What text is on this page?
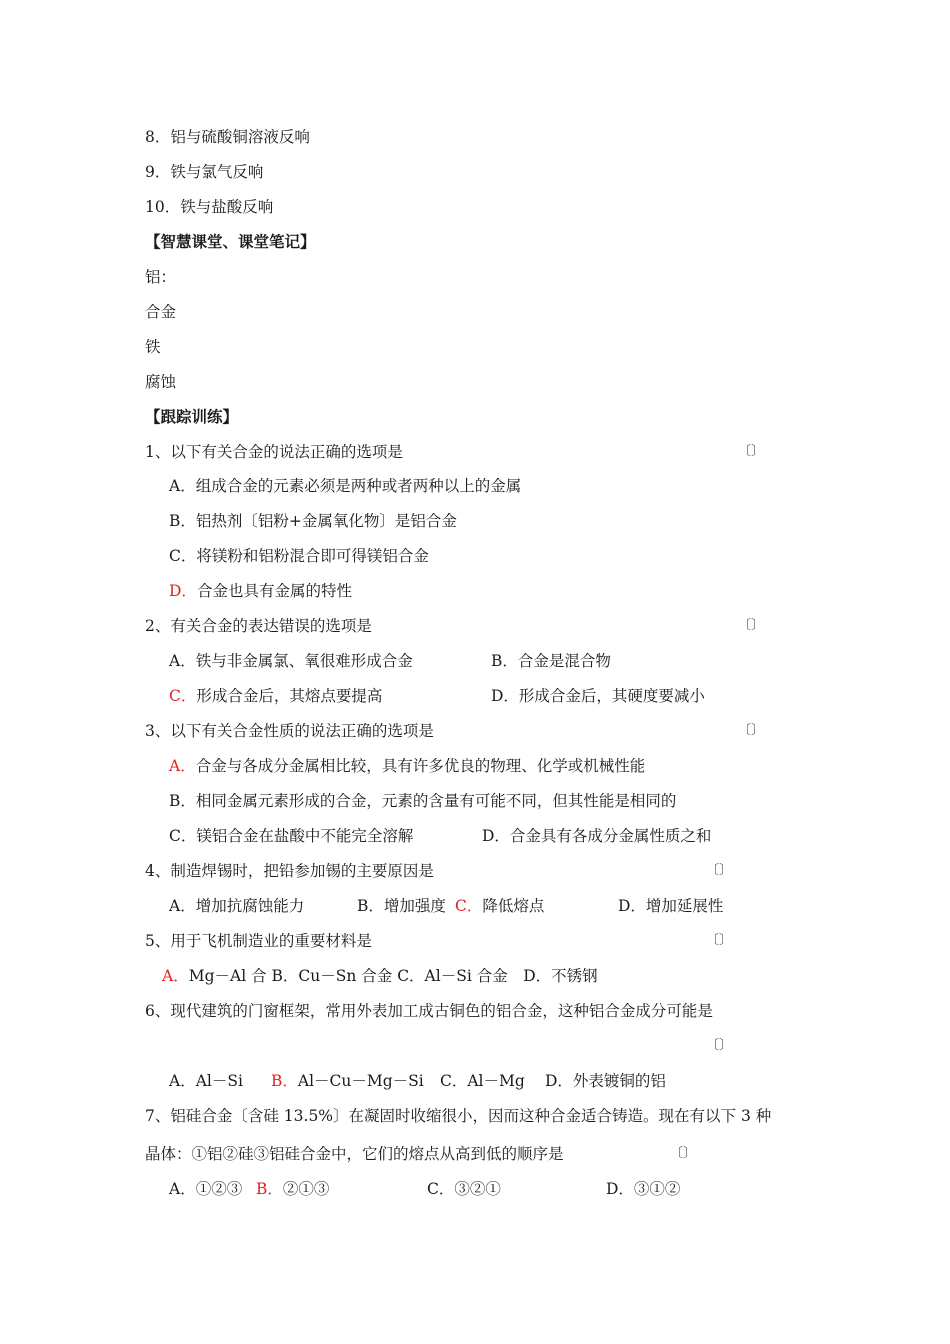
8．铝与硫酸铜溶液反响
9．铁与氯气反响
10．铁与盐酸反响
【智慧课堂、课堂笔记】
铝：
合金
铁
腐蚀
【跟踪训练】
1、以下有关合金的说法正确的选项是	〔〕
A．组成合金的元素必须是两种或者两种以上的金属
B．铝热剂〔铝粉+金属氧化物〕是铝合金
C．将镁粉和铝粉混合即可得镁铝合金
D．合金也具有金属的特性
2、有关合金的表达错误的选项是	〔〕
A．铁与非金属氯、氧很难形成合金	B．合金是混合物
C．形成合金后，其熔点要提高	D．形成合金后，其硬度要减小
3、以下有关合金性质的说法正确的选项是	〔〕
A．合金与各成分金属相比较，具有许多优良的物理、化学或机械性能
B．相同金属元素形成的合金，元素的含量有可能不同，但其性能是相同的
C．镁铝合金在盐酸中不能完全溶解	D．合金具有各成分金属性质之和
4、制造焊锡时，把铅参加锡的主要原因是	〔〕
A．增加抗腐蚀能力	B．增加强度 C．降低熔点	D．增加延展性
5、用于飞机制造业的重要材料是	〔〕
A．Mg－Al 合 B．Cu－Sn 合金 C．Al－Si 合金　D．不锈钢
6、现代建筑的门窗框架，常用外表加工成古铜色的铝合金，这种铝合金成分可能是
〔〕
A．Al－Si B．Al－Cu－Mg－Si C．Al－Mg D．外表镀铜的铝
7、铝硅合金〔含硅 13.5%〕在凝固时收缩很小，因而这种合金适合铸造。现在有以下 3 种
晶体：①铝②硅③铝硅合金中，它们的熔点从高到低的顺序是	〔〕
A．①②③ B．②①③	C．③②①	D．③①②
